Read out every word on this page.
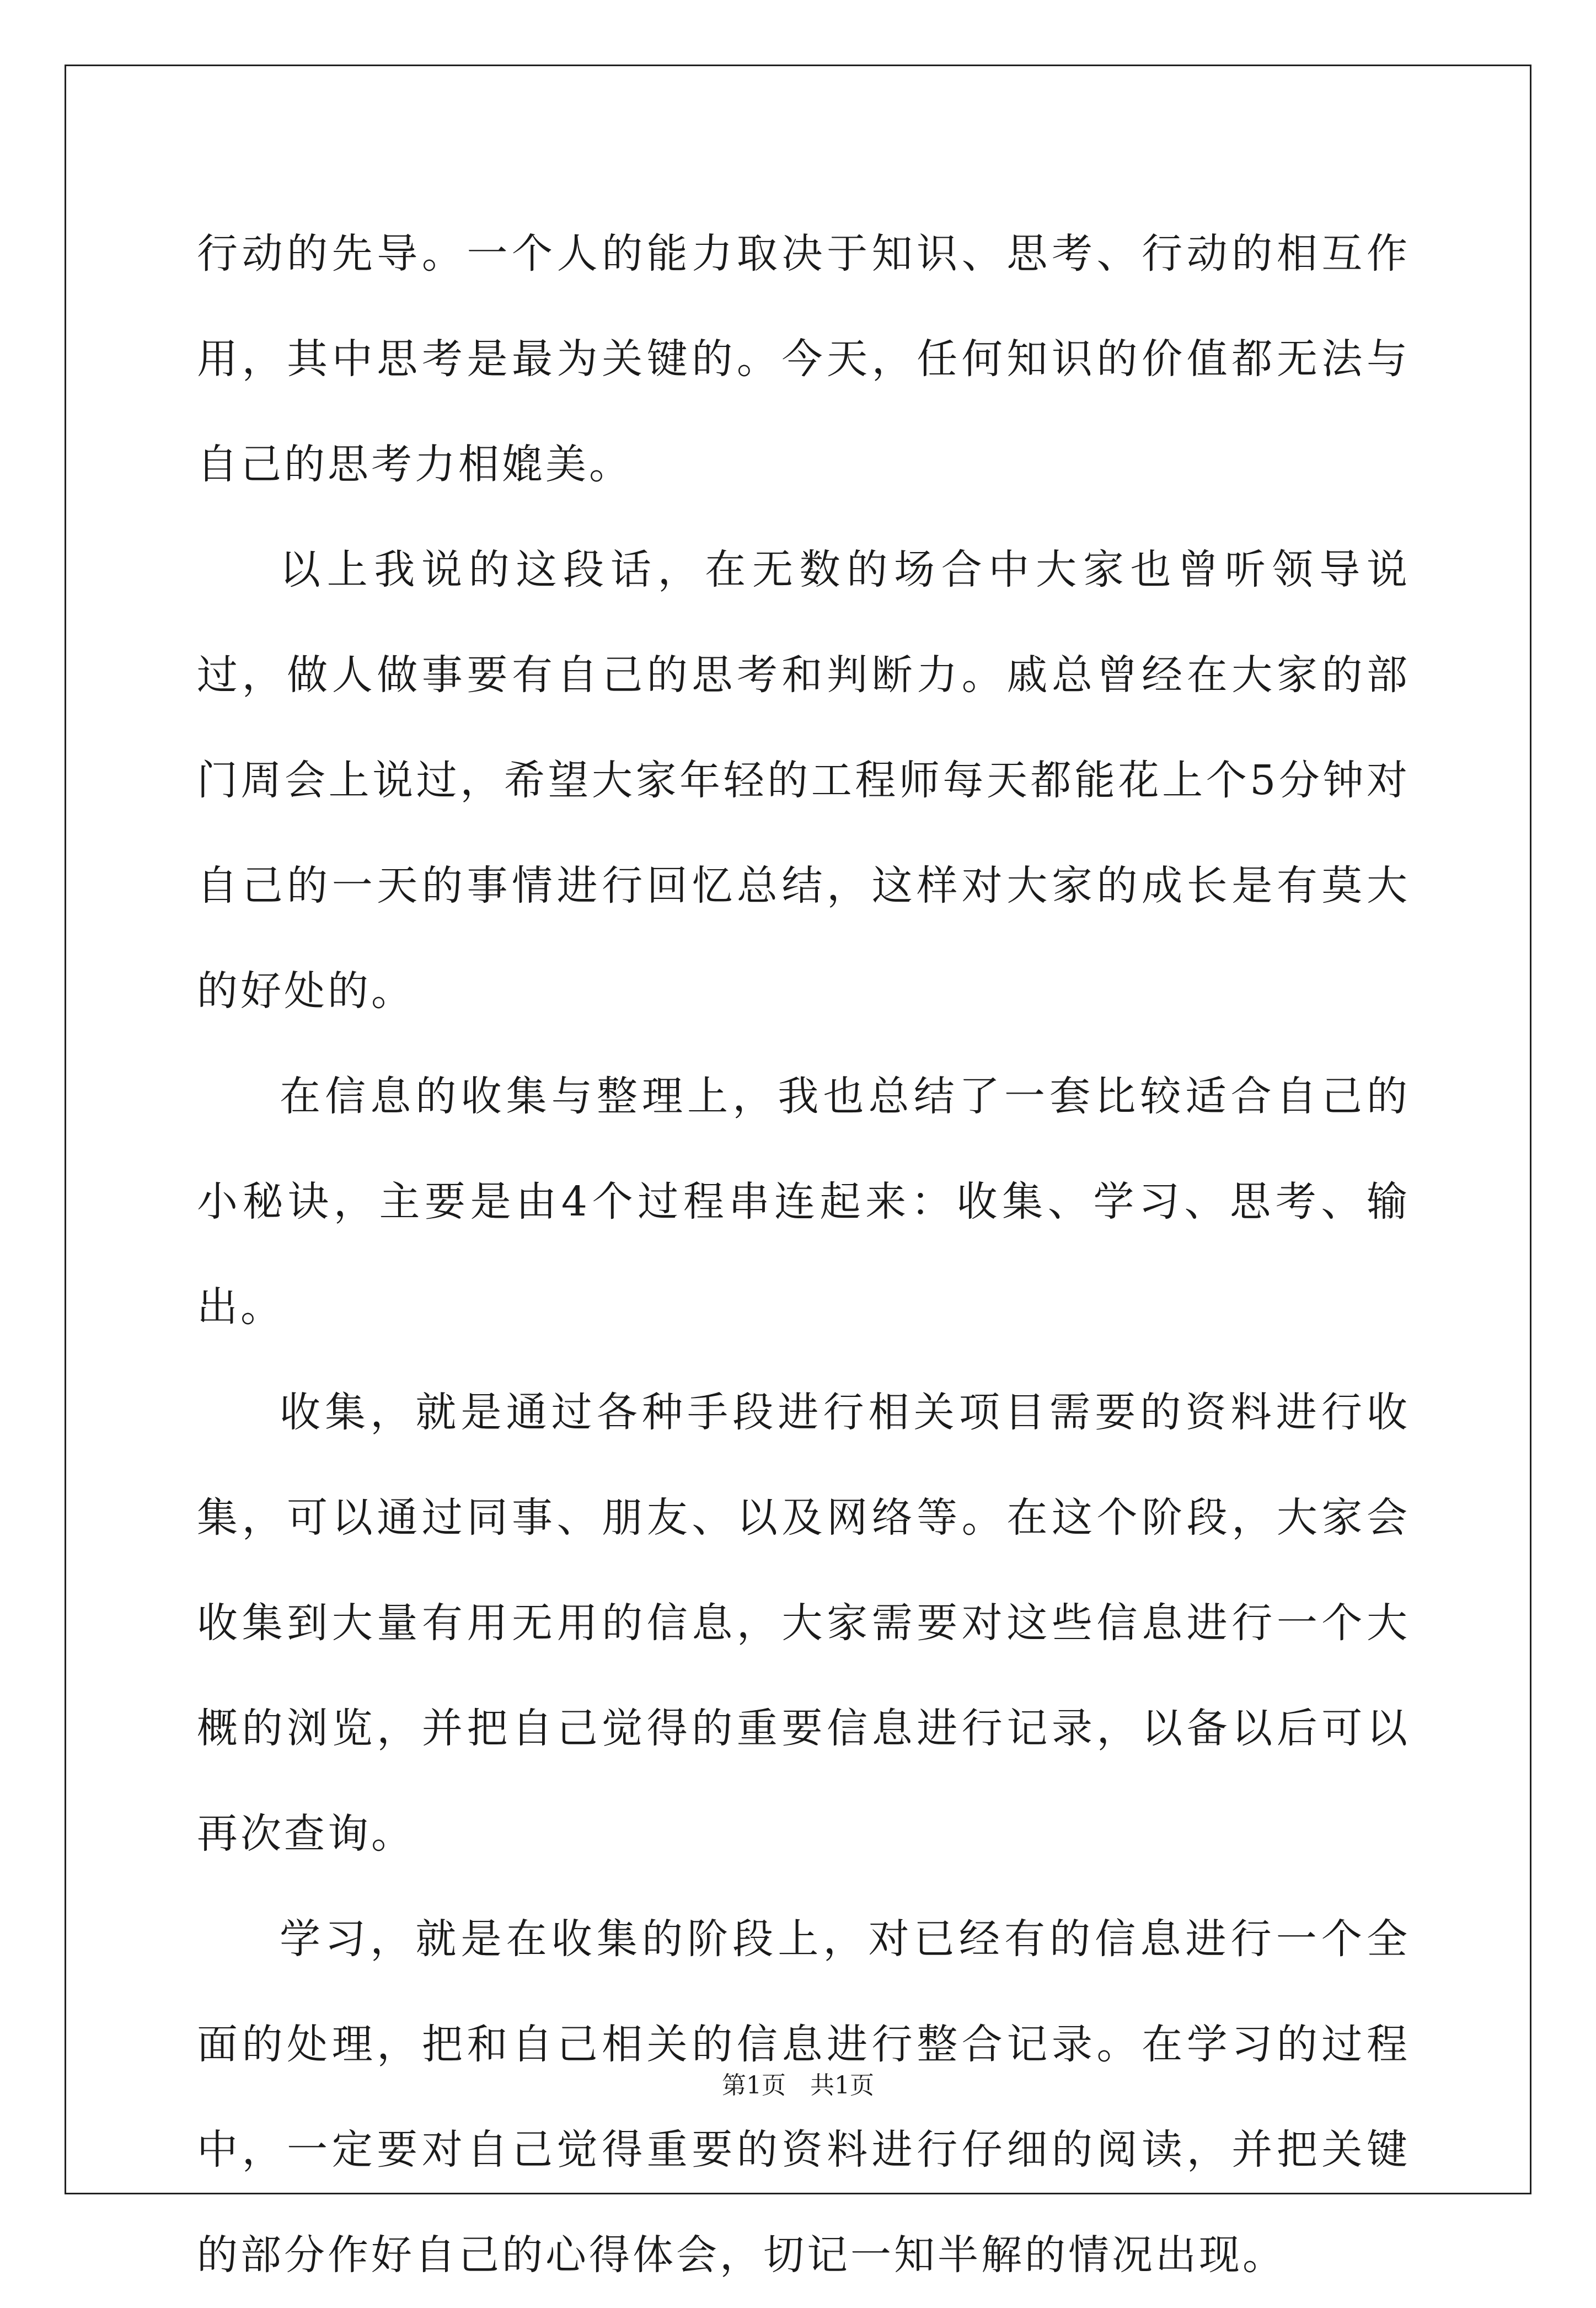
行动的先导。一个人的能力取决于知识、思考、行动的相互作用，其中思考是最为关键的。今天，任何知识的价值都无法与自己的思考力相媲美。

以上我说的这段话，在无数的场合中大家也曾听领导说过，做人做事要有自己的思考和判断力。戚总曾经在大家的部门周会上说过，希望大家年轻的工程师每天都能花上个5分钟对自己的一天的事情进行回忆总结，这样对大家的成长是有莫大的好处的。

在信息的收集与整理上，我也总结了一套比较适合自己的小秘诀，主要是由4个过程串连起来：收集、学习、思考、输出。

收集，就是通过各种手段进行相关项目需要的资料进行收集，可以通过同事、朋友、以及网络等。在这个阶段，大家会收集到大量有用无用的信息，大家需要对这些信息进行一个大概的浏览，并把自己觉得的重要信息进行记录，以备以后可以再次查询。

学习，就是在收集的阶段上，对已经有的信息进行一个全面的处理，把和自己相关的信息进行整合记录。在学习的过程中，一定要对自己觉得重要的资料进行仔细的阅读，并把关键的部分作好自己的心得体会，切记一知半解的情况出现。

第1页　共1页
